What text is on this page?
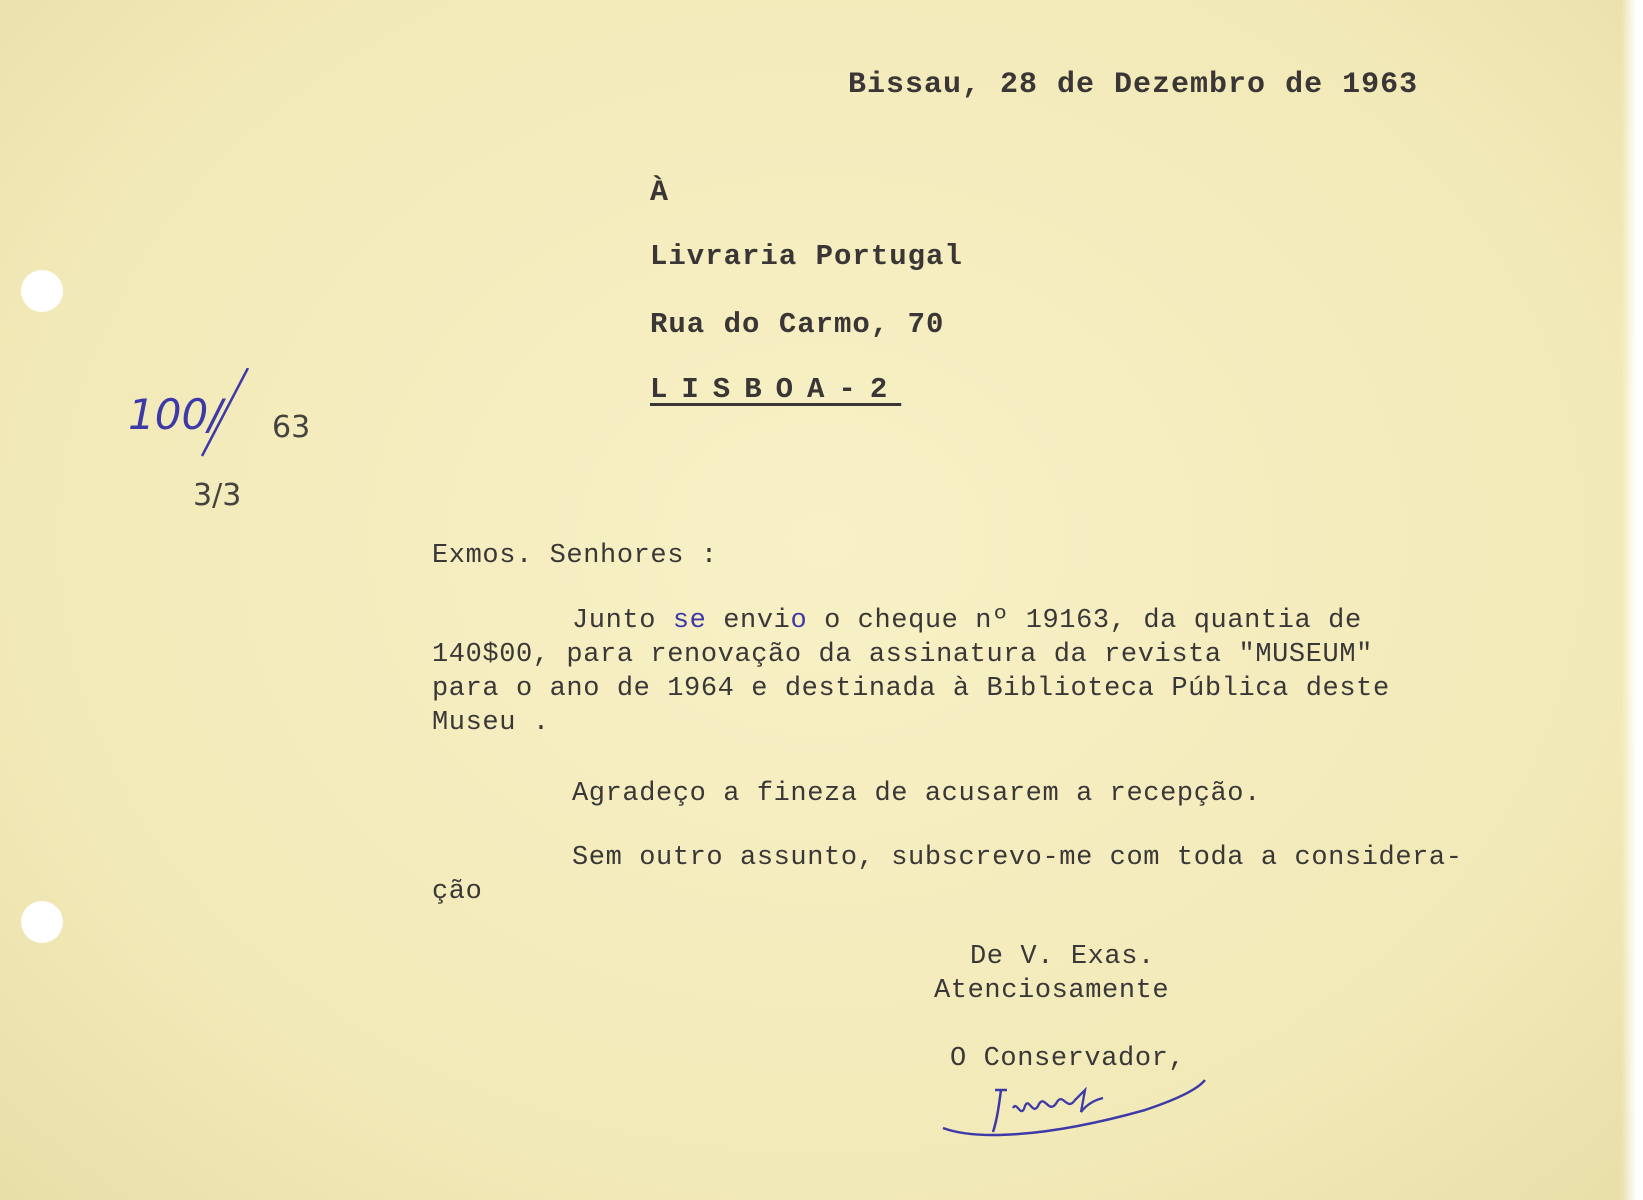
Bissau, 28 de Dezembro de 1963
À
Livraria Portugal
Rua do Carmo, 70
LISBOA-2
100/ 63
3/3
Exmos. Senhores :
Junto se envio o cheque nº 19163, da quantia de
140$00, para renovação da assinatura da revista "MUSEUM"
para o ano de 1964 e destinada à Biblioteca Pública deste
Museu .
Agradeço a fineza de acusarem a recepção.
Sem outro assunto, subscrevo-me com toda a considera-
ção
De V. Exas.
Atenciosamente
O Conservador,
